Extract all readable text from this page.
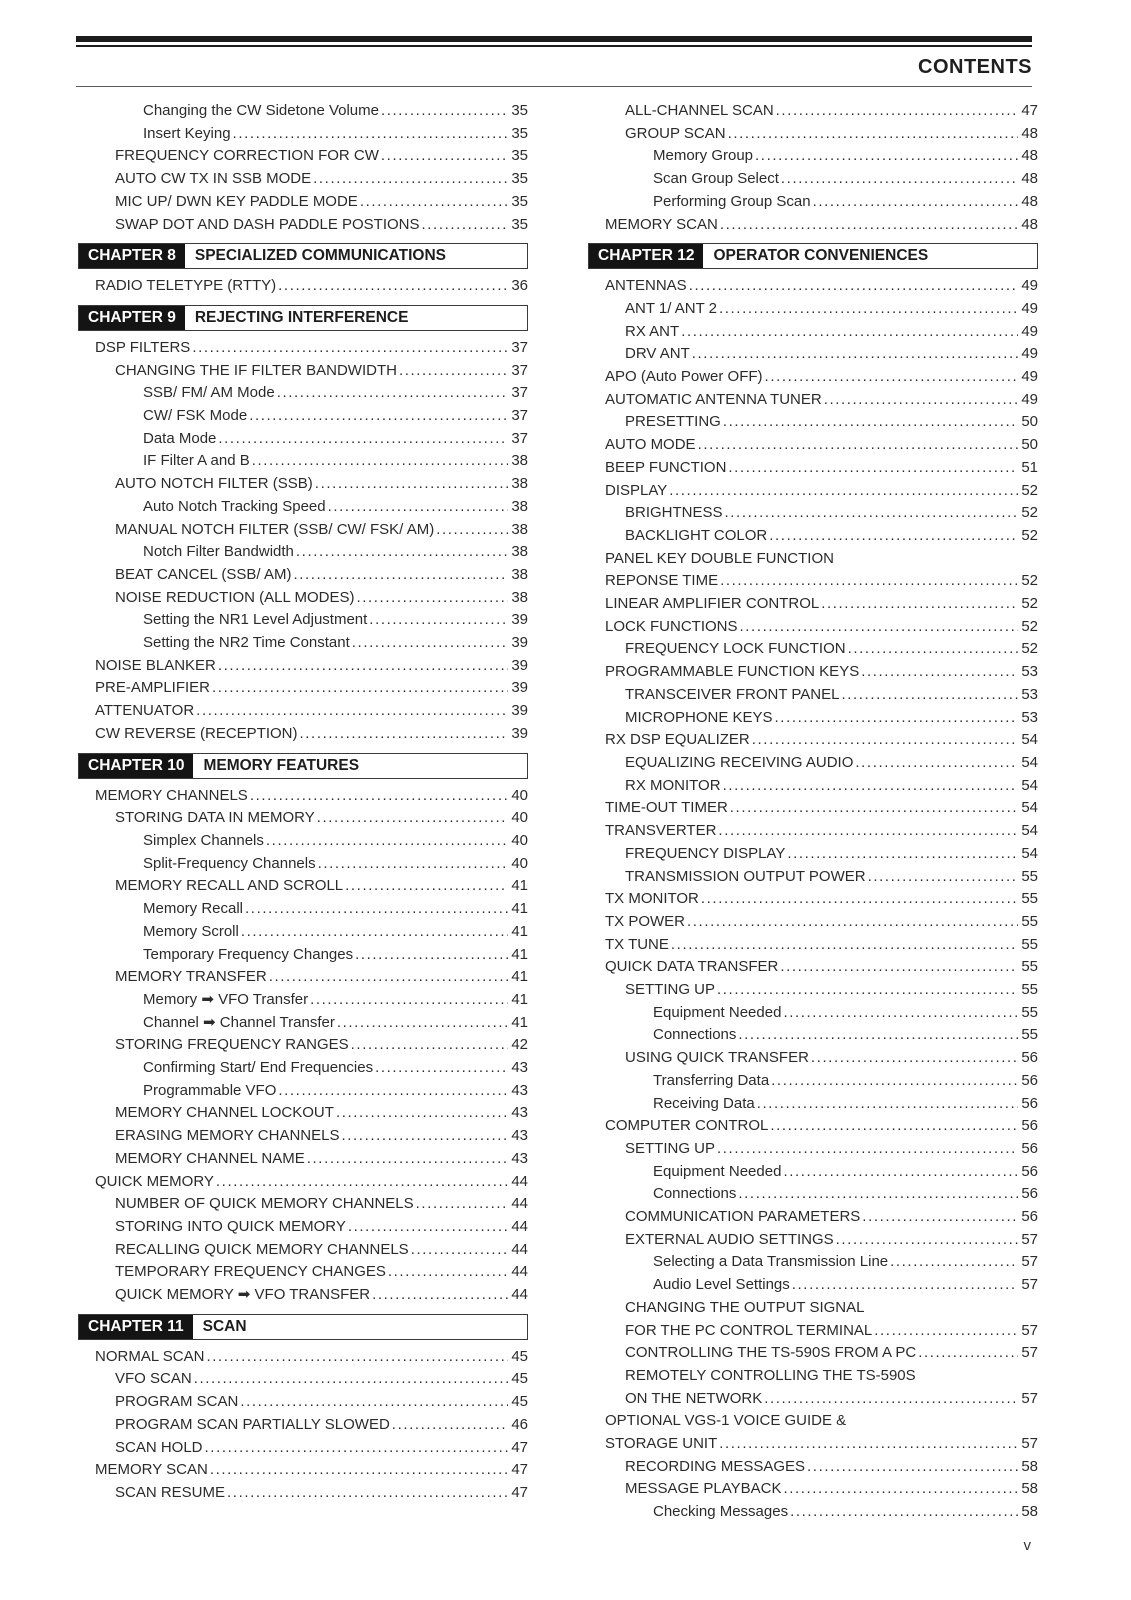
CONTENTS
Changing the CW Sidetone Volume .....	35
Insert Keying .....	35
FREQUENCY CORRECTION FOR CW .....	35
AUTO CW TX IN SSB MODE .....	35
MIC UP/ DWN KEY PADDLE MODE .....	35
SWAP DOT AND DASH PADDLE POSTIONS .....	35
CHAPTER 8	SPECIALIZED COMMUNICATIONS
RADIO TELETYPE (RTTY) .....	36
CHAPTER 9	REJECTING INTERFERENCE
DSP FILTERS .....	37
CHANGING THE IF FILTER BANDWIDTH .....	37
SSB/ FM/ AM Mode .....	37
CW/ FSK Mode .....	37
Data Mode .....	37
IF Filter A and B .....	38
AUTO NOTCH FILTER (SSB) .....	38
Auto Notch Tracking Speed .....	38
MANUAL NOTCH FILTER (SSB/ CW/ FSK/ AM) .....	38
Notch Filter Bandwidth .....	38
BEAT CANCEL (SSB/ AM) .....	38
NOISE REDUCTION (ALL MODES) .....	38
Setting the NR1 Level Adjustment .....	39
Setting the NR2 Time Constant .....	39
NOISE BLANKER .....	39
PRE-AMPLIFIER .....	39
ATTENUATOR .....	39
CW REVERSE (RECEPTION) .....	39
CHAPTER 10	MEMORY FEATURES
MEMORY CHANNELS .....	40
STORING DATA IN MEMORY .....	40
Simplex Channels .....	40
Split-Frequency Channels .....	40
MEMORY RECALL AND SCROLL .....	41
Memory Recall .....	41
Memory Scroll .....	41
Temporary Frequency Changes .....	41
MEMORY TRANSFER .....	41
Memory ➡ VFO Transfer .....	41
Channel ➡ Channel Transfer .....	41
STORING FREQUENCY RANGES .....	42
Confirming Start/ End Frequencies .....	43
Programmable VFO .....	43
MEMORY CHANNEL LOCKOUT .....	43
ERASING MEMORY CHANNELS .....	43
MEMORY CHANNEL NAME .....	43
QUICK MEMORY .....	44
NUMBER OF QUICK MEMORY CHANNELS .....	44
STORING INTO QUICK MEMORY .....	44
RECALLING QUICK MEMORY CHANNELS .....	44
TEMPORARY FREQUENCY CHANGES .....	44
QUICK MEMORY ➡ VFO TRANSFER .....	44
CHAPTER 11	SCAN
NORMAL SCAN .....	45
VFO SCAN .....	45
PROGRAM SCAN .....	45
PROGRAM SCAN PARTIALLY SLOWED .....	46
SCAN HOLD .....	47
MEMORY SCAN .....	47
SCAN RESUME .....	47
ALL-CHANNEL SCAN .....	47
GROUP SCAN .....	48
Memory Group .....	48
Scan Group Select .....	48
Performing Group Scan .....	48
MEMORY SCAN .....	48
CHAPTER 12	OPERATOR CONVENIENCES
ANTENNAS .....	49
ANT 1/ ANT 2 .....	49
RX ANT .....	49
DRV ANT .....	49
APO (Auto Power OFF) .....	49
AUTOMATIC ANTENNA TUNER .....	49
PRESETTING .....	50
AUTO MODE .....	50
BEEP FUNCTION .....	51
DISPLAY .....	52
BRIGHTNESS .....	52
BACKLIGHT COLOR .....	52
PANEL KEY DOUBLE FUNCTION
REPONSE TIME .....	52
LINEAR AMPLIFIER CONTROL .....	52
LOCK FUNCTIONS .....	52
FREQUENCY LOCK FUNCTION .....	52
PROGRAMMABLE FUNCTION KEYS .....	53
TRANSCEIVER FRONT PANEL .....	53
MICROPHONE KEYS .....	53
RX DSP EQUALIZER .....	54
EQUALIZING RECEIVING AUDIO .....	54
RX MONITOR .....	54
TIME-OUT TIMER .....	54
TRANSVERTER .....	54
FREQUENCY DISPLAY .....	54
TRANSMISSION OUTPUT POWER .....	55
TX MONITOR .....	55
TX POWER .....	55
TX TUNE .....	55
QUICK DATA TRANSFER .....	55
SETTING UP .....	55
Equipment Needed .....	55
Connections .....	55
USING QUICK TRANSFER .....	56
Transferring Data .....	56
Receiving Data .....	56
COMPUTER CONTROL .....	56
SETTING UP .....	56
Equipment Needed .....	56
Connections .....	56
COMMUNICATION PARAMETERS .....	56
EXTERNAL AUDIO SETTINGS .....	57
Selecting a Data Transmission Line .....	57
Audio Level Settings .....	57
CHANGING THE OUTPUT SIGNAL
FOR THE PC CONTROL TERMINAL .....	57
CONTROLLING THE TS-590S FROM A PC .....	57
REMOTELY CONTROLLING THE TS-590S
ON THE NETWORK .....	57
OPTIONAL VGS-1 VOICE GUIDE &
STORAGE UNIT .....	57
RECORDING MESSAGES .....	58
MESSAGE PLAYBACK .....	58
Checking Messages .....	58
v
